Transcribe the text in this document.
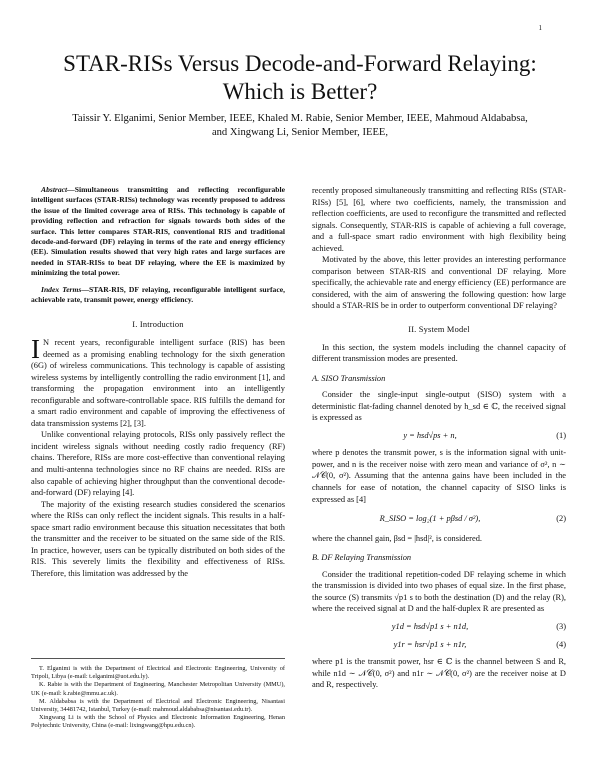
1
STAR-RISs Versus Decode-and-Forward Relaying:
Which is Better?
Taissir Y. Elganimi, Senior Member, IEEE, Khaled M. Rabie, Senior Member, IEEE, Mahmoud Aldababsa,
and Xingwang Li, Senior Member, IEEE,

Abstract—Simultaneous transmitting and reflecting reconfigurable intelligent surfaces (STAR-RISs) technology was recently proposed to address the issue of the limited coverage area of RISs. This technology is capable of providing reflection and refraction for signals towards both sides of the surface. This letter compares STAR-RIS, conventional RIS and traditional decode-and-forward (DF) relaying in terms of the rate and energy efficiency (EE). Simulation results showed that very high rates and large surfaces are needed in STAR-RISs to beat DF relaying, where the EE is maximized by minimizing the total power.

Index Terms—STAR-RIS, DF relaying, reconfigurable intelligent surface, achievable rate, transmit power, energy efficiency.

I. Introduction

I N recent years, reconfigurable intelligent surface (RIS) has been deemed as a promising enabling technology for the sixth generation (6G) of wireless communications. This technology is capable of assisting wireless systems by intelligently controlling the radio environment [1], and transforming the propagation environment into an intelligently reconfigurable and software-controllable space. RIS fulfills the demand for a smart radio environment and capable of improving the effectiveness of data transmission systems [2], [3].

Unlike conventional relaying protocols, RISs only passively reflect the incident wireless signals without needing costly radio frequency (RF) chains. Therefore, RISs are more cost-effective than conventional relaying and multi-antenna technologies since no RF chains are needed. RISs are also capable of achieving higher throughput than the conventional decode-and-forward (DF) relaying [4].

The majority of the existing research studies considered the scenarios where the RISs can only reflect the incident signals. This results in a half-space smart radio environment because this situation necessitates that both the transmitter and the receiver to be situated on the same side of the RIS. In practice, however, users can be typically distributed on both sides of the RIS. This severely limits the flexibility and effectiveness of RISs. Therefore, this limitation was addressed by the

T. Elganimi is with the Department of Electrical and Electronic Engineering, University of Tripoli, Libya (e-mail: t.elganimi@uot.edu.ly).

K. Rabie is with the Department of Engineering, Manchester Metropolitan University (MMU), UK (e-mail: k.rabie@mmu.ac.uk).

M. Aldababsa is with the Department of Electrical and Electronic Engineering, Nisantasi University, 34481742, Istanbul, Turkey (e-mail: mahmoud.aldababsa@nisantasi.edu.tr).

Xingwang Li is with the School of Physics and Electronic Information Engineering, Henan Polytechnic University, China (e-mail: lixingwang@hpu.edu.cn).

recently proposed simultaneously transmitting and reflecting RISs (STAR-RISs) [5], [6], where two coefficients, namely, the transmission and reflection coefficients, are used to reconfigure the transmitted and reflected signals. Consequently, STAR-RIS is capable of achieving a full coverage, and a full-space smart radio environment with high flexibility being achieved.

Motivated by the above, this letter provides an interesting performance comparison between STAR-RIS and conventional DF relaying. More specifically, the achievable rate and energy efficiency (EE) performance are considered, with the aim of answering the following question: how large should a STAR-RIS be in order to outperform conventional DF relaying?

II. System Model

In this section, the system models including the channel capacity of different transmission modes are presented.

A. SISO Transmission

Consider the single-input single-output (SISO) system with a deterministic flat-fading channel denoted by h_sd ∈ ℂ, the received signal is expressed as

y = hsd√ps + n,	(1)

where p denotes the transmit power, s is the information signal with unit-power, and n is the receiver noise with zero mean and variance of σ², n ∼ 𝒩𝒞(0, σ²). Assuming that the antenna gains have been included in the channels for ease of notation, the channel capacity of SISO links is expressed as [4]

R_SISO = log₂(1 + pβsd / σ²),	(2)

where the channel gain, βsd = |hsd|², is considered.

B. DF Relaying Transmission

Consider the traditional repetition-coded DF relaying scheme in which the transmission is divided into two phases of equal size. In the first phase, the source (S) transmits √p1 s to both the destination (D) and the relay (R), where the received signal at D and the half-duplex R are presented as

y1d = hsd√p1 s + n1d,	(3)
y1r = hsr√p1 s + n1r,	(4)

where p1 is the transmit power, hsr ∈ ℂ is the channel between S and R, while n1d ∼ 𝒩𝒞(0, σ²) and n1r ∼ 𝒩𝒞(0, σ²) are the receiver noise at D and R, respectively.
